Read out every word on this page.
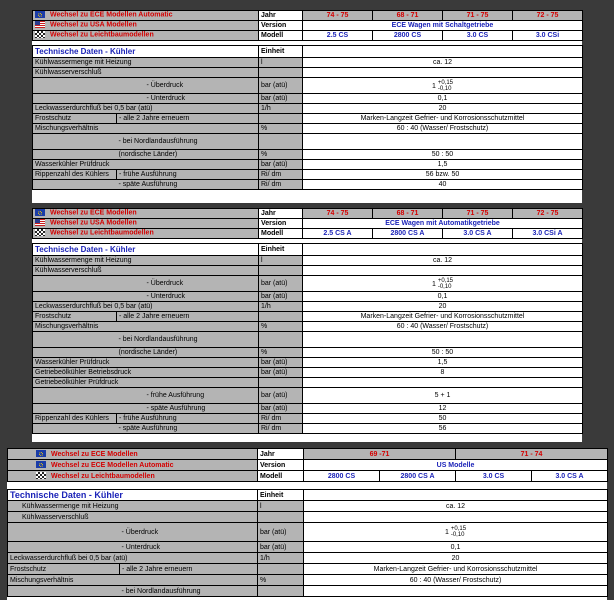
Wechsel zu ECE Modellen Automatic		Jahr	74 - 75	68 - 71	71 - 75	72 - 75
Wechsel zu USA Modellen		Version	ECE Wagen mit Schaltgetriebe			
Wechsel zu Leichtbaumodellen		Modell	2.5 CS	2800 CS	3.0 CS	3.0 CSi

Technische Daten - Kühler		Einheit				
Kühlwassermenge mit Heizung		l	ca. 12			
Kühlwasserverschluß						
	- Überdruck	bar (atü)	1 +0,15
-0,10			
	- Unterdruck	bar (atü)	0,1			
Leckwasserdurchfluß bei 0,5 bar (atü)		1/h	20			
Frostschutz	- alle 2 Jahre erneuern		Marken-Langzeit Gefrier- und Korrosionsschutzmittel			
Mischungsverhältnis		%	60 : 40 (Wasser/ Frostschutz)			
	- bei Nordlandausführung					
	(nordische Länder)	%	50 : 50			
Wasserkühler Prüfdruck		bar (atü)	1,5			
Rippenzahl des Kühlers	- frühe Ausführung	Ri/ dm	56 bzw. 50			
	- späte Ausführung	Ri/ dm	40			
Wechsel zu ECE Modellen		Jahr	74 - 75	68 - 71	71 - 75	72 - 75
Wechsel zu USA Modellen		Version	ECE Wagen mit Automatikgetriebe			
Wechsel zu Leichtbaumodellen		Modell	2.5 CS A	2800 CS A	3.0 CS A	3.0 CSi A

Technische Daten - Kühler		Einheit				
Kühlwassermenge mit Heizung		l	ca. 12			
Kühlwasserverschluß						
	- Überdruck	bar (atü)	1 +0,15
-0,10			
	- Unterdruck	bar (atü)	0,1			
Leckwasserdurchfluß bei 0,5 bar (atü)		1/h	20			
Frostschutz	- alle 2 Jahre erneuern		Marken-Langzeit Gefrier- und Korrosionsschutzmittel			
Mischungsverhältnis		%	60 : 40 (Wasser/ Frostschutz)			
	- bei Nordlandausführung					
	(nordische Länder)	%	50 : 50			
Wasserkühler Prüfdruck		bar (atü)	1,5			
Getriebeölkühler Betriebsdruck		bar (atü)	8			
Getriebeölkühler Prüfdruck						
	- frühe Ausführung	bar (atü)	5 + 1			
	- späte Ausführung	bar (atü)	12			
Rippenzahl des Kühlers	- frühe Ausführung	Ri/ dm	50			
	- späte Ausführung	Ri/ dm	56			
Wechsel zu ECE Modellen		Jahr	69 -71		71 - 74	
Wechsel zu ECE Modellen Automatic		Version	US Modelle			
Wechsel zu Leichtbaumodellen		Modell	2800 CS	2800 CS A	3.0 CS	3.0 CS A

Technische Daten - Kühler		Einheit				
Kühlwassermenge mit Heizung		l	ca. 12			
Kühlwasserverschluß						
	- Überdruck	bar (atü)	1 +0,15
-0,10			
	- Unterdruck	bar (atü)	0,1			
Leckwasserdurchfluß bei 0,5 bar (atü)		1/h	20			
Frostschutz	- alle 2 Jahre erneuern		Marken-Langzeit Gefrier- und Korrosionsschutzmittel			
Mischungsverhältnis		%	60 : 40 (Wasser/ Frostschutz)			
	- bei Nordlandausführung					
